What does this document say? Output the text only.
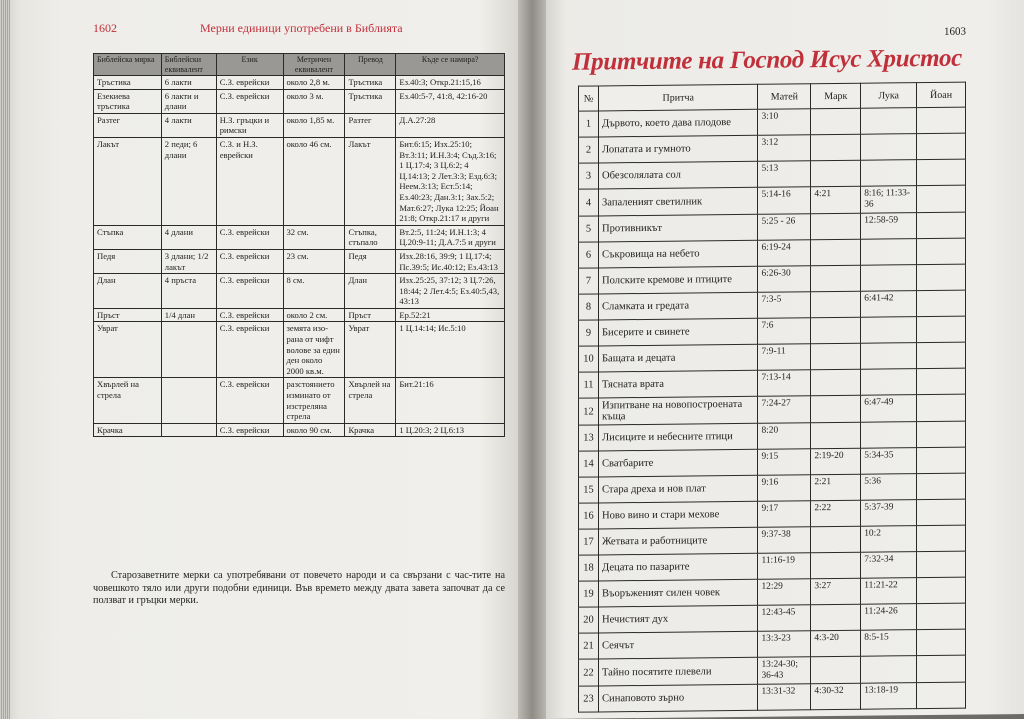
1602	Мерни единици употребени в Библията
Библейска мярка	Библейски еквивалент	Език	Метричен еквивалент	Превод	Къде се намира?
Тръстика	6 лакти	С.З. еврейски	около 2,8 м.	Тръстика	Ез.40:3; Откр.21:15,16
Езекиева тръстика	6 лакти и длани	С.З. еврейски	около 3 м.	Тръстика	Ез.40:5-7, 41:8, 42:16-20
Разтег	4 лакти	Н.З. гръцки и римски	около 1,85 м.	Разтег	Д.А.27:28
Лакът	2 педи; 6 длани	С.З. и Н.З. еврейски	около 46 см.	Лакът	Бит.6:15; Изх.25:10; Вт.3:11; И.Н.3:4; Съд.3:16; 1 Ц.17:4; 3 Ц.6:2; 4 Ц.14:13; 2 Лет.3:3; Езд.6:3; Неем.3:13; Ест.5:14; Ез.40:23; Дан.3:1; Зах.5:2; Мат.6:27; Лука 12:25; Йоан 21:8; Откр.21:17 и други
Стъпка	4 длани	С.З. еврейски	32 см.	Стъпка, стъпало	Вт.2:5, 11:24; И.Н.1:3; 4 Ц.20:9-11; Д.А.7:5 и други
Педя	3 длани; 1/2 лакът	С.З. еврейски	23 см.	Педя	Изх.28:16, 39:9; 1 Ц.17:4; Пс.39:5; Ис.40:12; Ез.43:13
Длан	4 пръста	С.З. еврейски	8 см.	Длан	Изх.25:25, 37:12; 3 Ц.7:26, 18:44; 2 Лет.4:5; Ез.40:5,43, 43:13
Пръст	1/4 длан	С.З. еврейски	около 2 см.	Пръст	Ер.52:21
Уврат		С.З. еврейски	земята изо-рана от чифт волове за един ден около 2000 кв.м.	Уврат	1 Ц.14:14; Ис.5:10
Хвърлей на стрела		С.З. еврейски	разстоянието изминато от изстреляна стрела	Хвърлей на стрела	Бит.21:16
Крачка		С.З. еврейски	около 90 см.	Крачка	1 Ц.20:3; 2 Ц.6:13
Старозаветните мерки са употребявани от повечето народи и са свързани с час-тите на човешкото тяло или други подобни единици. Във времето между двата завета започват да се ползват и гръцки мерки.
1603
Притчите на Господ Исус Христос
№	Притча	Матей	Марк	Лука	Йоан
1	Дървото, което дава плодове	3:10			
2	Лопатата и гумното	3:12			
3	Обезсолялата сол	5:13			
4	Запаленият светилник	5:14-16	4:21	8:16; 11:33-36	
5	Противникът	5:25 - 26		12:58-59	
6	Съкровища на небето	6:19-24			
7	Полските кремове и птиците	6:26-30			
8	Сламката и гредата	7:3-5		6:41-42	
9	Бисерите и свинете	7:6			
10	Бащата и децата	7:9-11			
11	Тясната врата	7:13-14			
12	Изпитване на новопостроената къща	7:24-27		6:47-49	
13	Лисиците и небесните птици	8:20			
14	Сватбарите	9:15	2:19-20	5:34-35	
15	Стара дреха и нов плат	9:16	2:21	5:36	
16	Ново вино и стари мехове	9:17	2:22	5:37-39	
17	Жетвата и работниците	9:37-38		10:2	
18	Децата по пазарите	11:16-19		7:32-34	
19	Въоръженият силен човек	12:29	3:27	11:21-22	
20	Нечистият дух	12:43-45		11:24-26	
21	Сеячът	13:3-23	4:3-20	8:5-15	
22	Тайно посятите плевели	13:24-30; 36-43			
23	Синаповото зърно	13:31-32	4:30-32	13:18-19	
